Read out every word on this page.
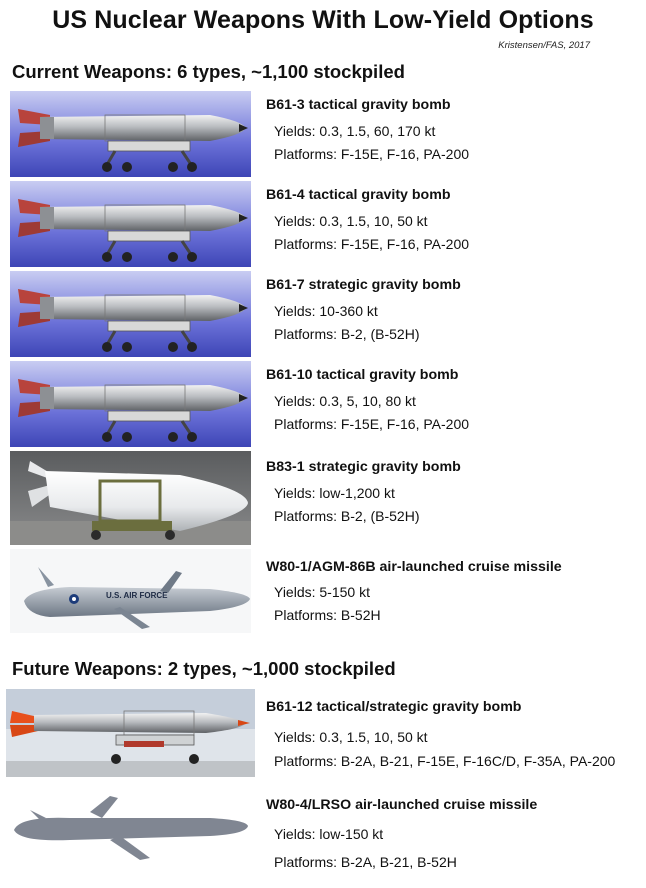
US Nuclear Weapons With Low-Yield Options
Kristensen/FAS, 2017
Current Weapons: 6 types, ~1,100 stockpiled
B61-3 tactical gravity bomb
Yields: 0.3, 1.5, 60, 170 kt
Platforms: F-15E, F-16, PA-200
B61-4 tactical gravity bomb
Yields: 0.3, 1.5, 10, 50 kt
Platforms: F-15E, F-16, PA-200
B61-7 strategic gravity bomb
Yields: 10-360 kt
Platforms: B-2, (B-52H)
B61-10 tactical gravity bomb
Yields: 0.3, 5, 10, 80 kt
Platforms: F-15E, F-16, PA-200
B83-1 strategic gravity bomb
Yields: low-1,200 kt
Platforms: B-2, (B-52H)
U.S. AIR FORCE
W80-1/AGM-86B air-launched cruise missile
Yields: 5-150 kt
Platforms: B-52H
Future Weapons: 2 types, ~1,000 stockpiled
B61-12 tactical/strategic gravity bomb
Yields: 0.3, 1.5, 10, 50 kt
Platforms: B-2A, B-21, F-15E, F-16C/D, F-35A, PA-200
W80-4/LRSO air-launched cruise missile
Yields: low-150 kt
Platforms: B-2A, B-21, B-52H
